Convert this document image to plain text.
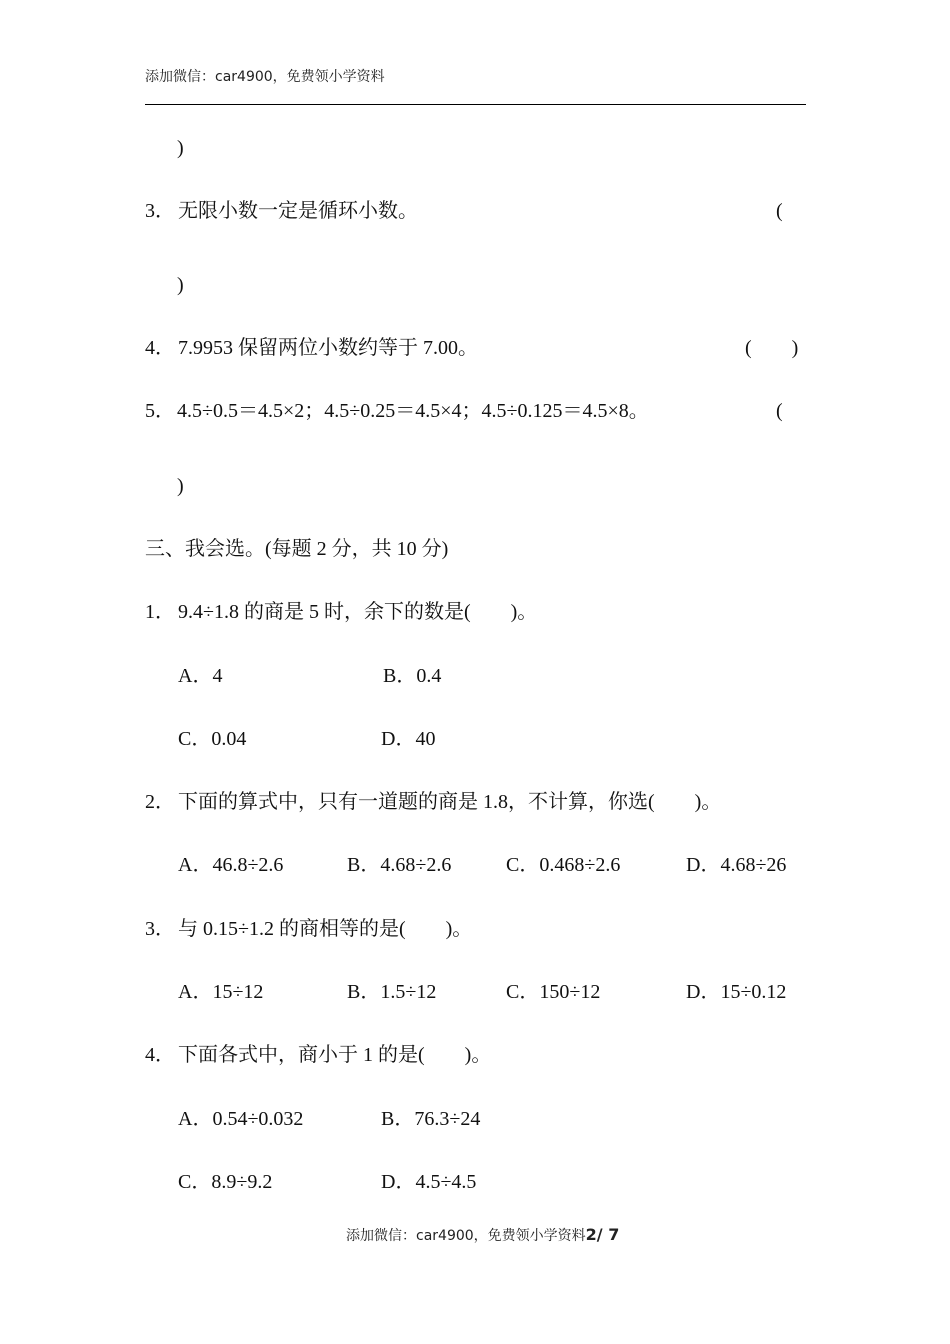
添加微信：car4900，免费领小学资料
)
3． 无限小数一定是循环小数。	(
)
4． 7.9953 保留两位小数约等于 7.00。	(　　)
5．
4.5÷0.5＝4.5×2；4.5÷0.25＝4.5×4；4.5÷0.125＝4.5×8。	(
)
三、我会选。(每题 2 分，共 10 分)
1． 9.4÷1.8 的商是 5 时，余下的数是(　　)。
A．4	B．0.4
C．0.04	D．40
2． 下面的算式中，只有一道题的商是 1.8，不计算，你选(　　)。
A．46.8÷2.6	B．4.68÷2.6	C．0.468÷2.6	D．4.68÷26
3． 与 0.15÷1.2 的商相等的是(　　)。
A．15÷12	B．1.5÷12	C．150÷12	D．15÷0.12
4． 下面各式中，商小于 1 的是(　　)。
A．0.54÷0.032	B．76.3÷24
C．8.9÷9.2	D．4.5÷4.5
添加微信：car4900，免费领小学资料2/ 7
